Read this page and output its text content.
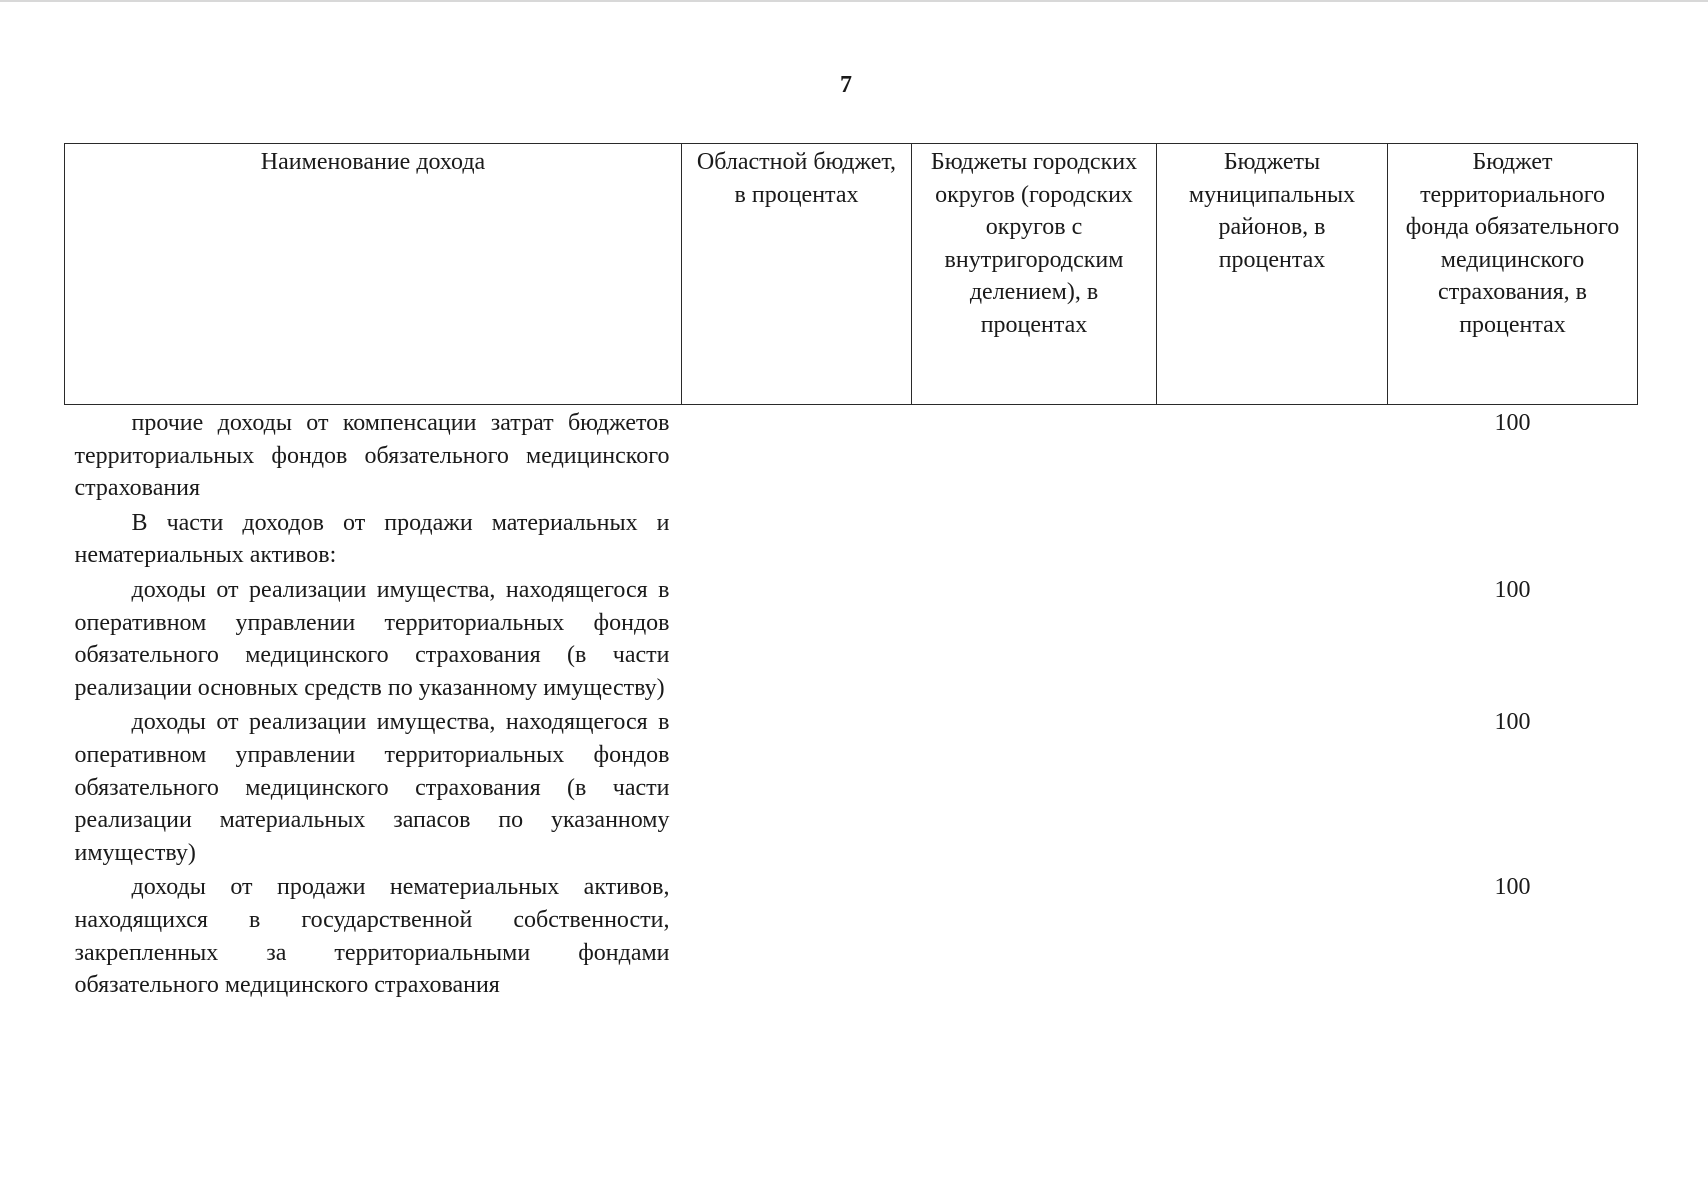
7
Наименование дохода	Областной бюджет, в процентах	Бюджеты городских округов (городских округов с внутригородским делением), в процентах	Бюджеты муниципальных районов, в процентах	Бюджет территориального фонда обязательного медицинского страхования, в процентах

прочие доходы от компенсации затрат бюджетов территориальных фондов обязательного медицинского страхования				100

В части доходов от продажи материальных и нематериальных активов:				

доходы от реализации имущества, находящегося в оперативном управлении территориальных фондов обязательного медицинского страхования (в части реализации основных средств по указанному имуществу)				100

доходы от реализации имущества, находящегося в оперативном управлении территориальных фондов обязательного медицинского страхования (в части реализации материальных запасов по указанному имуществу)				100

доходы от продажи нематериальных активов, находящихся в государственной собственности, закрепленных за территориальными фондами обязательного медицинского страхования				100
